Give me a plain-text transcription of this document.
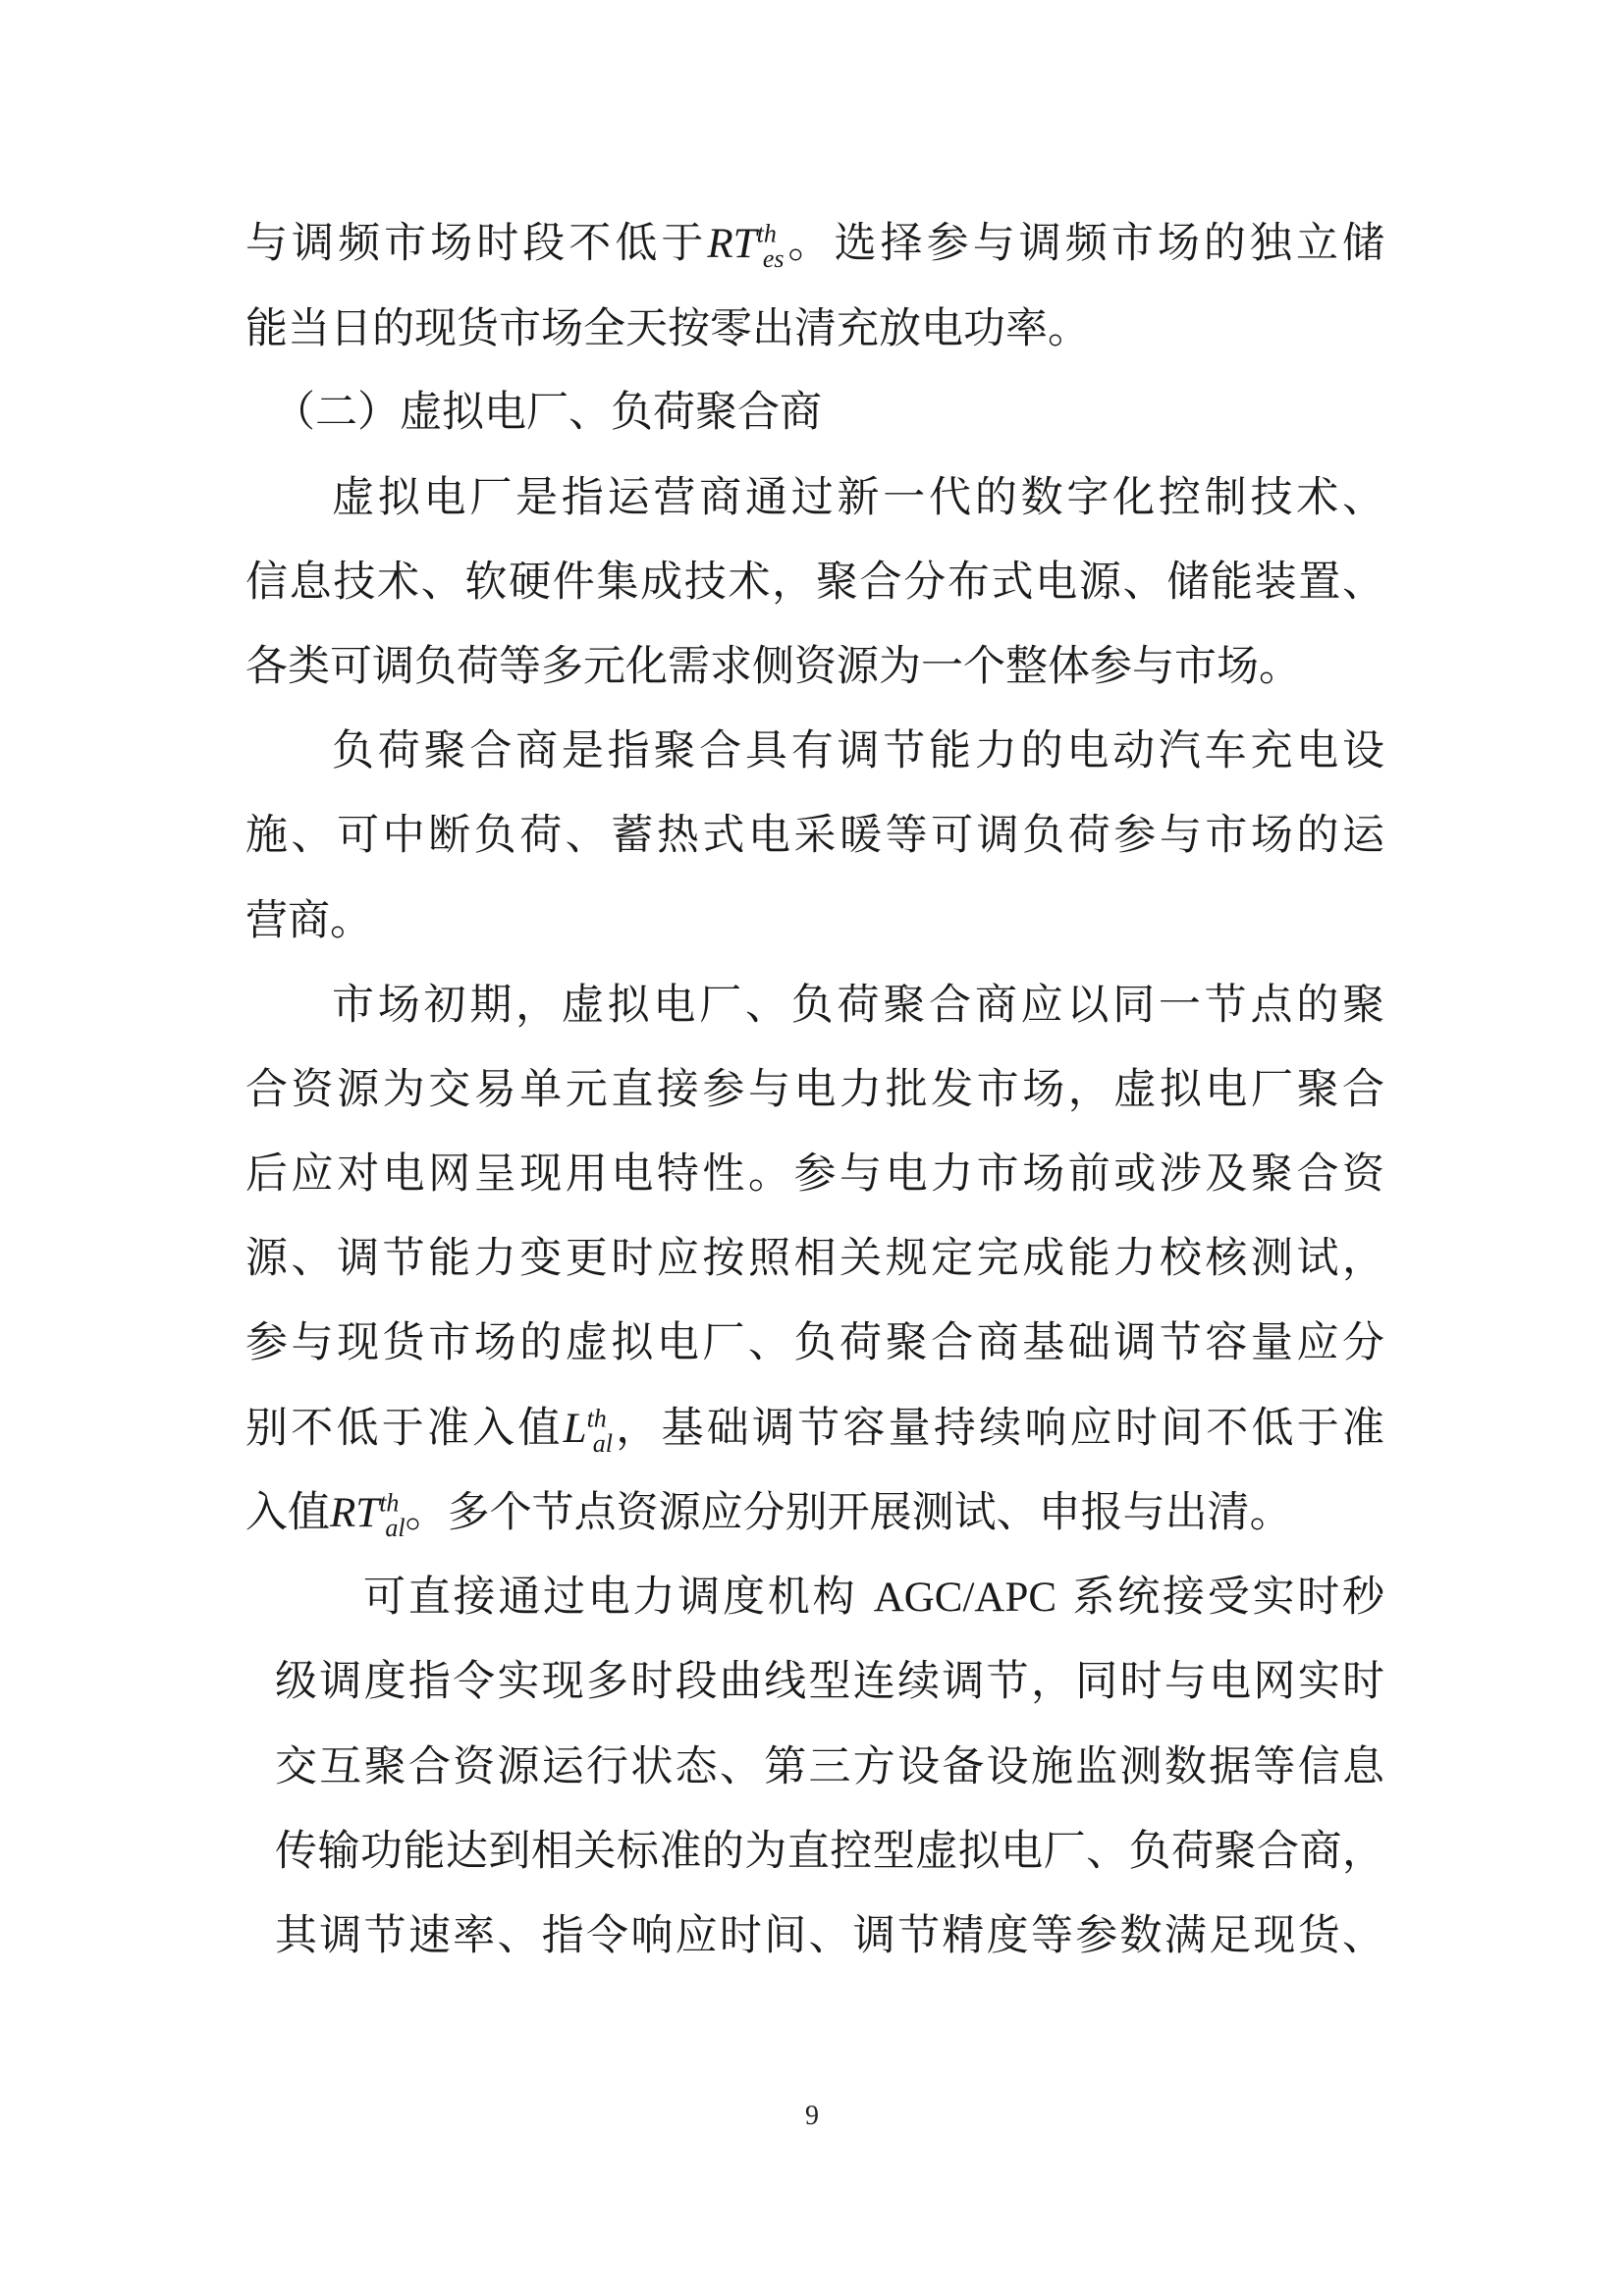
与调频市场时段不低于$RT^{th}_{es}$。选择参与调频市场的独立储
能当日的现货市场全天按零出清充放电功率。
（二）虚拟电厂、负荷聚合商
虚拟电厂是指运营商通过新一代的数字化控制技术、
信息技术、软硬件集成技术，聚合分布式电源、储能装置、
各类可调负荷等多元化需求侧资源为一个整体参与市场。
负荷聚合商是指聚合具有调节能力的电动汽车充电设
施、可中断负荷、蓄热式电采暖等可调负荷参与市场的运
营商。
市场初期，虚拟电厂、负荷聚合商应以同一节点的聚
合资源为交易单元直接参与电力批发市场，虚拟电厂聚合
后应对电网呈现用电特性。参与电力市场前或涉及聚合资
源、调节能力变更时应按照相关规定完成能力校核测试，
参与现货市场的虚拟电厂、负荷聚合商基础调节容量应分
别不低于准入值$Lth_{al}$，基础调节容量持续响应时间不低于准
入值$RT^{th}_{al}$。多个节点资源应分别开展测试、申报与出清。
可直接通过电力调度机构 AGC/APC 系统接受实时秒
级调度指令实现多时段曲线型连续调节，同时与电网实时
交互聚合资源运行状态、第三方设备设施监测数据等信息
传输功能达到相关标准的为直控型虚拟电厂、负荷聚合商，
其调节速率、指令响应时间、调节精度等参数满足现货、
9
